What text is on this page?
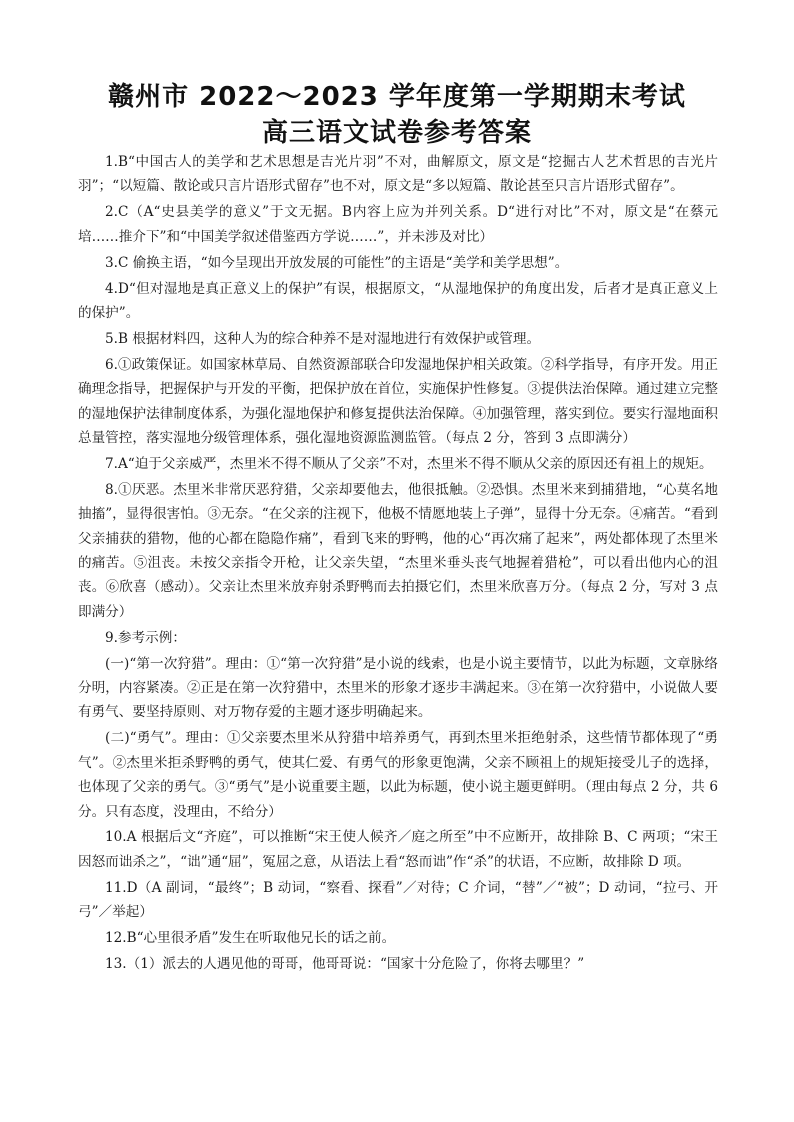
赣州市 2022～2023 学年度第一学期期末考试
高三语文试卷参考答案

1.B“中国古人的美学和艺术思想是吉光片羽”不对，曲解原文，原文是“挖掘古人艺术哲思的吉光片羽”；“以短篇、散论或只言片语形式留存”也不对，原文是“多以短篇、散论甚至只言片语形式留存”。

2.C（A“史县美学的意义”于文无据。B内容上应为并列关系。D“进行对比”不对，原文是“在蔡元培……推介下”和“中国美学叙述借鉴西方学说……”，并未涉及对比）

3.C 偷换主语，“如今呈现出开放发展的可能性”的主语是“美学和美学思想”。

4.D“但对湿地是真正意义上的保护”有误，根据原文，“从湿地保护的角度出发，后者才是真正意义上的保护”。

5.B 根据材料四，这种人为的综合种养不是对湿地进行有效保护或管理。

6.①政策保证。如国家林草局、自然资源部联合印发湿地保护相关政策。②科学指导，有序开发。用正确理念指导，把握保护与开发的平衡，把保护放在首位，实施保护性修复。③提供法治保障。通过建立完整的湿地保护法律制度体系，为强化湿地保护和修复提供法治保障。④加强管理，落实到位。要实行湿地面积总量管控，落实湿地分级管理体系，强化湿地资源监测监管。（每点 2 分，答到 3 点即满分）

7.A“迫于父亲威严，杰里米不得不顺从了父亲”不对，杰里米不得不顺从父亲的原因还有祖上的规矩。

8.①厌恶。杰里米非常厌恶狩猎，父亲却要他去，他很抵触。②恐惧。杰里米来到捕猎地，“心莫名地抽搐”，显得很害怕。③无奈。“在父亲的注视下，他极不情愿地装上子弹”，显得十分无奈。④痛苦。“看到父亲捕获的猎物，他的心都在隐隐作痛”，看到飞来的野鸭，他的心“再次痛了起来”，两处都体现了杰里米的痛苦。⑤沮丧。未按父亲指令开枪，让父亲失望，“杰里米垂头丧气地握着猎枪”，可以看出他内心的沮丧。⑥欣喜（感动）。父亲让杰里米放弃射杀野鸭而去拍摄它们，杰里米欣喜万分。（每点 2 分，写对 3 点即满分）

9.参考示例：

(一)“第一次狩猎”。理由：①“第一次狩猎”是小说的线索，也是小说主要情节，以此为标题，文章脉络分明，内容紧凑。②正是在第一次狩猎中，杰里米的形象才逐步丰满起来。③在第一次狩猎中，小说做人要有勇气、要坚持原则、对万物存爱的主题才逐步明确起来。

(二)“勇气”。理由：①父亲要杰里米从狩猎中培养勇气，再到杰里米拒绝射杀，这些情节都体现了“勇气”。②杰里米拒杀野鸭的勇气，使其仁爱、有勇气的形象更饱满，父亲不顾祖上的规矩接受儿子的选择，也体现了父亲的勇气。③“勇气”是小说重要主题，以此为标题，使小说主题更鲜明。（理由每点 2 分，共 6 分。只有态度，没理由，不给分）

10.A 根据后文“齐庭”，可以推断“宋王使人候齐／庭之所至”中不应断开，故排除 B、C 两项；“宋王因怒而诎杀之”，“诎”通“屈”，冤屈之意，从语法上看“怒而诎”作“杀”的状语，不应断，故排除 D 项。

11.D（A 副词，“最终”；B 动词，“察看、探看”／对待；C 介词，“替”／“被”；D 动词，“拉弓、开弓”／举起）

12.B“心里很矛盾”发生在听取他兄长的话之前。

13.（1）派去的人遇见他的哥哥，他哥哥说：“国家十分危险了，你将去哪里？”
